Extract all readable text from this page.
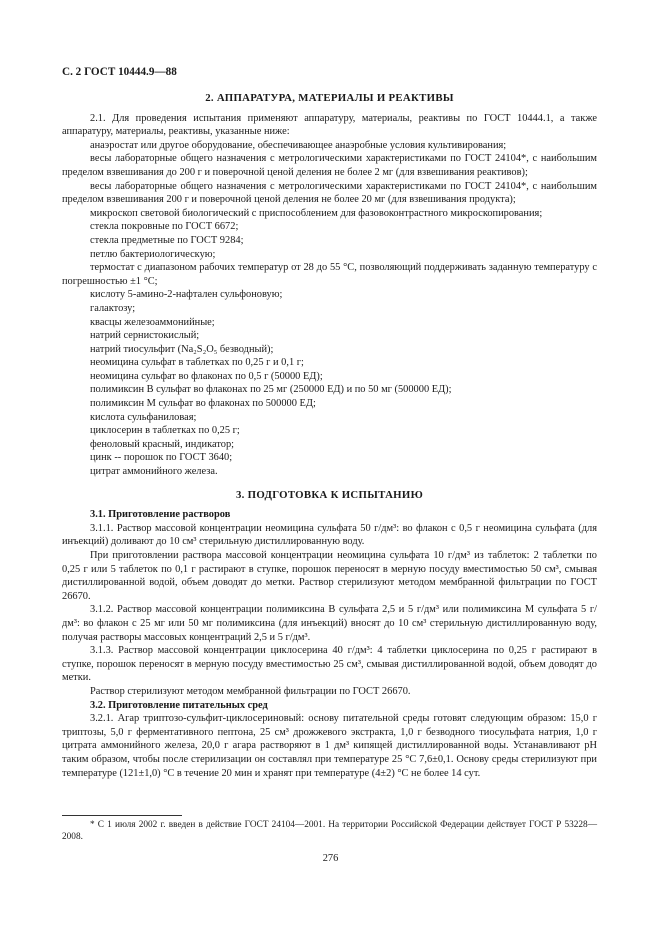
С. 2 ГОСТ 10444.9—88
2. АППАРАТУРА, МАТЕРИАЛЫ И РЕАКТИВЫ

2.1. Для проведения испытания применяют аппаратуру, материалы, реактивы по ГОСТ 10444.1, а также аппаратуру, материалы, реактивы, указанные ниже:

анаэростат или другое оборудование, обеспечивающее анаэробные условия культивирования;

весы лабораторные общего назначения с метрологическими характеристиками по ГОСТ 24104*, с наибольшим пределом взвешивания до 200 г и поверочной ценой деления не более 2 мг (для взвешивания реактивов);

весы лабораторные общего назначения с метрологическими характеристиками по ГОСТ 24104*, с наибольшим пределом взвешивания 200 г и поверочной ценой деления не более 20 мг (для взвешивания продукта);

микроскоп световой биологический с приспособлением для фазовоконтрастного микроскопирования;

стекла покровные по ГОСТ 6672;

стекла предметные по ГОСТ 9284;

петлю бактериологическую;

термостат с диапазоном рабочих температур от 28 до 55 °С, позволяющий поддерживать заданную температуру с погрешностью ±1 °С;

кислоту 5-амино-2-нафтален сульфоновую;

галактозу;

квасцы железоаммонийные;

натрий сернистокислый;

натрий тиосульфит (Na₂S₂O₅ безводный);

неомицина сульфат в таблетках по 0,25 г и 0,1 г;

неомицина сульфат во флаконах по 0,5 г (50000 ЕД);

полимиксин В сульфат во флаконах по 25 мг (250000 ЕД) и по 50 мг (500000 ЕД);

полимиксин М сульфат во флаконах по 500000 ЕД;

кислота сульфаниловая;

циклосерин в таблетках по 0,25 г;

феноловый красный, индикатор;

цинк -- порошок по ГОСТ 3640;

цитрат аммонийного железа.

3. ПОДГОТОВКА К ИСПЫТАНИЮ

3.1. Приготовление растворов

3.1.1. Раствор массовой концентрации неомицина сульфата 50 г/дм³: во флакон с 0,5 г неомицина сульфата (для инъекций) доливают до 10 см³ стерильную дистиллированную воду.

При приготовлении раствора массовой концентрации неомицина сульфата 10 г/дм³ из таблеток: 2 таблетки по 0,25 г или 5 таблеток по 0,1 г растирают в ступке, порошок переносят в мерную посуду вместимостью 50 см³, смывая дистиллированной водой, объем доводят до метки. Раствор стерилизуют методом мембранной фильтрации по ГОСТ 26670.

3.1.2. Раствор массовой концентрации полимиксина В сульфата 2,5 и 5 г/дм³ или полимиксина М сульфата 5 г/дм³: во флакон с 25 мг или 50 мг полимиксина (для инъекций) вносят до 10 см³ стерильную дистиллированную воду, получая растворы массовых концентраций 2,5 и 5 г/дм³.

3.1.3. Раствор массовой концентрации циклосерина 40 г/дм³: 4 таблетки циклосерина по 0,25 г растирают в ступке, порошок переносят в мерную посуду вместимостью 25 см³, смывая дистиллированной водой, объем доводят до метки.

Раствор стерилизуют методом мембранной фильтрации по ГОСТ 26670.

3.2. Приготовление питательных сред

3.2.1. Агар триптозо-сульфит-циклосериновый: основу питательной среды готовят следующим образом: 15,0 г триптозы, 5,0 г ферментативного пептона, 25 см³ дрожжевого экстракта, 1,0 г безводного тиосульфата натрия, 1,0 г цитрата аммонийного железа, 20,0 г агара растворяют в 1 дм³ кипящей дистиллированной воды. Устанавливают рН таким образом, чтобы после стерилизации он составлял при температуре 25 °С 7,6±0,1. Основу среды стерилизуют при температуре (121±1,0) °С в течение 20 мин и хранят при температуре (4±2) °С не более 14 сут.

* С 1 июля 2002 г. введен в действие ГОСТ 24104—2001. На территории Российской Федерации действует ГОСТ Р 53228—2008.
276
